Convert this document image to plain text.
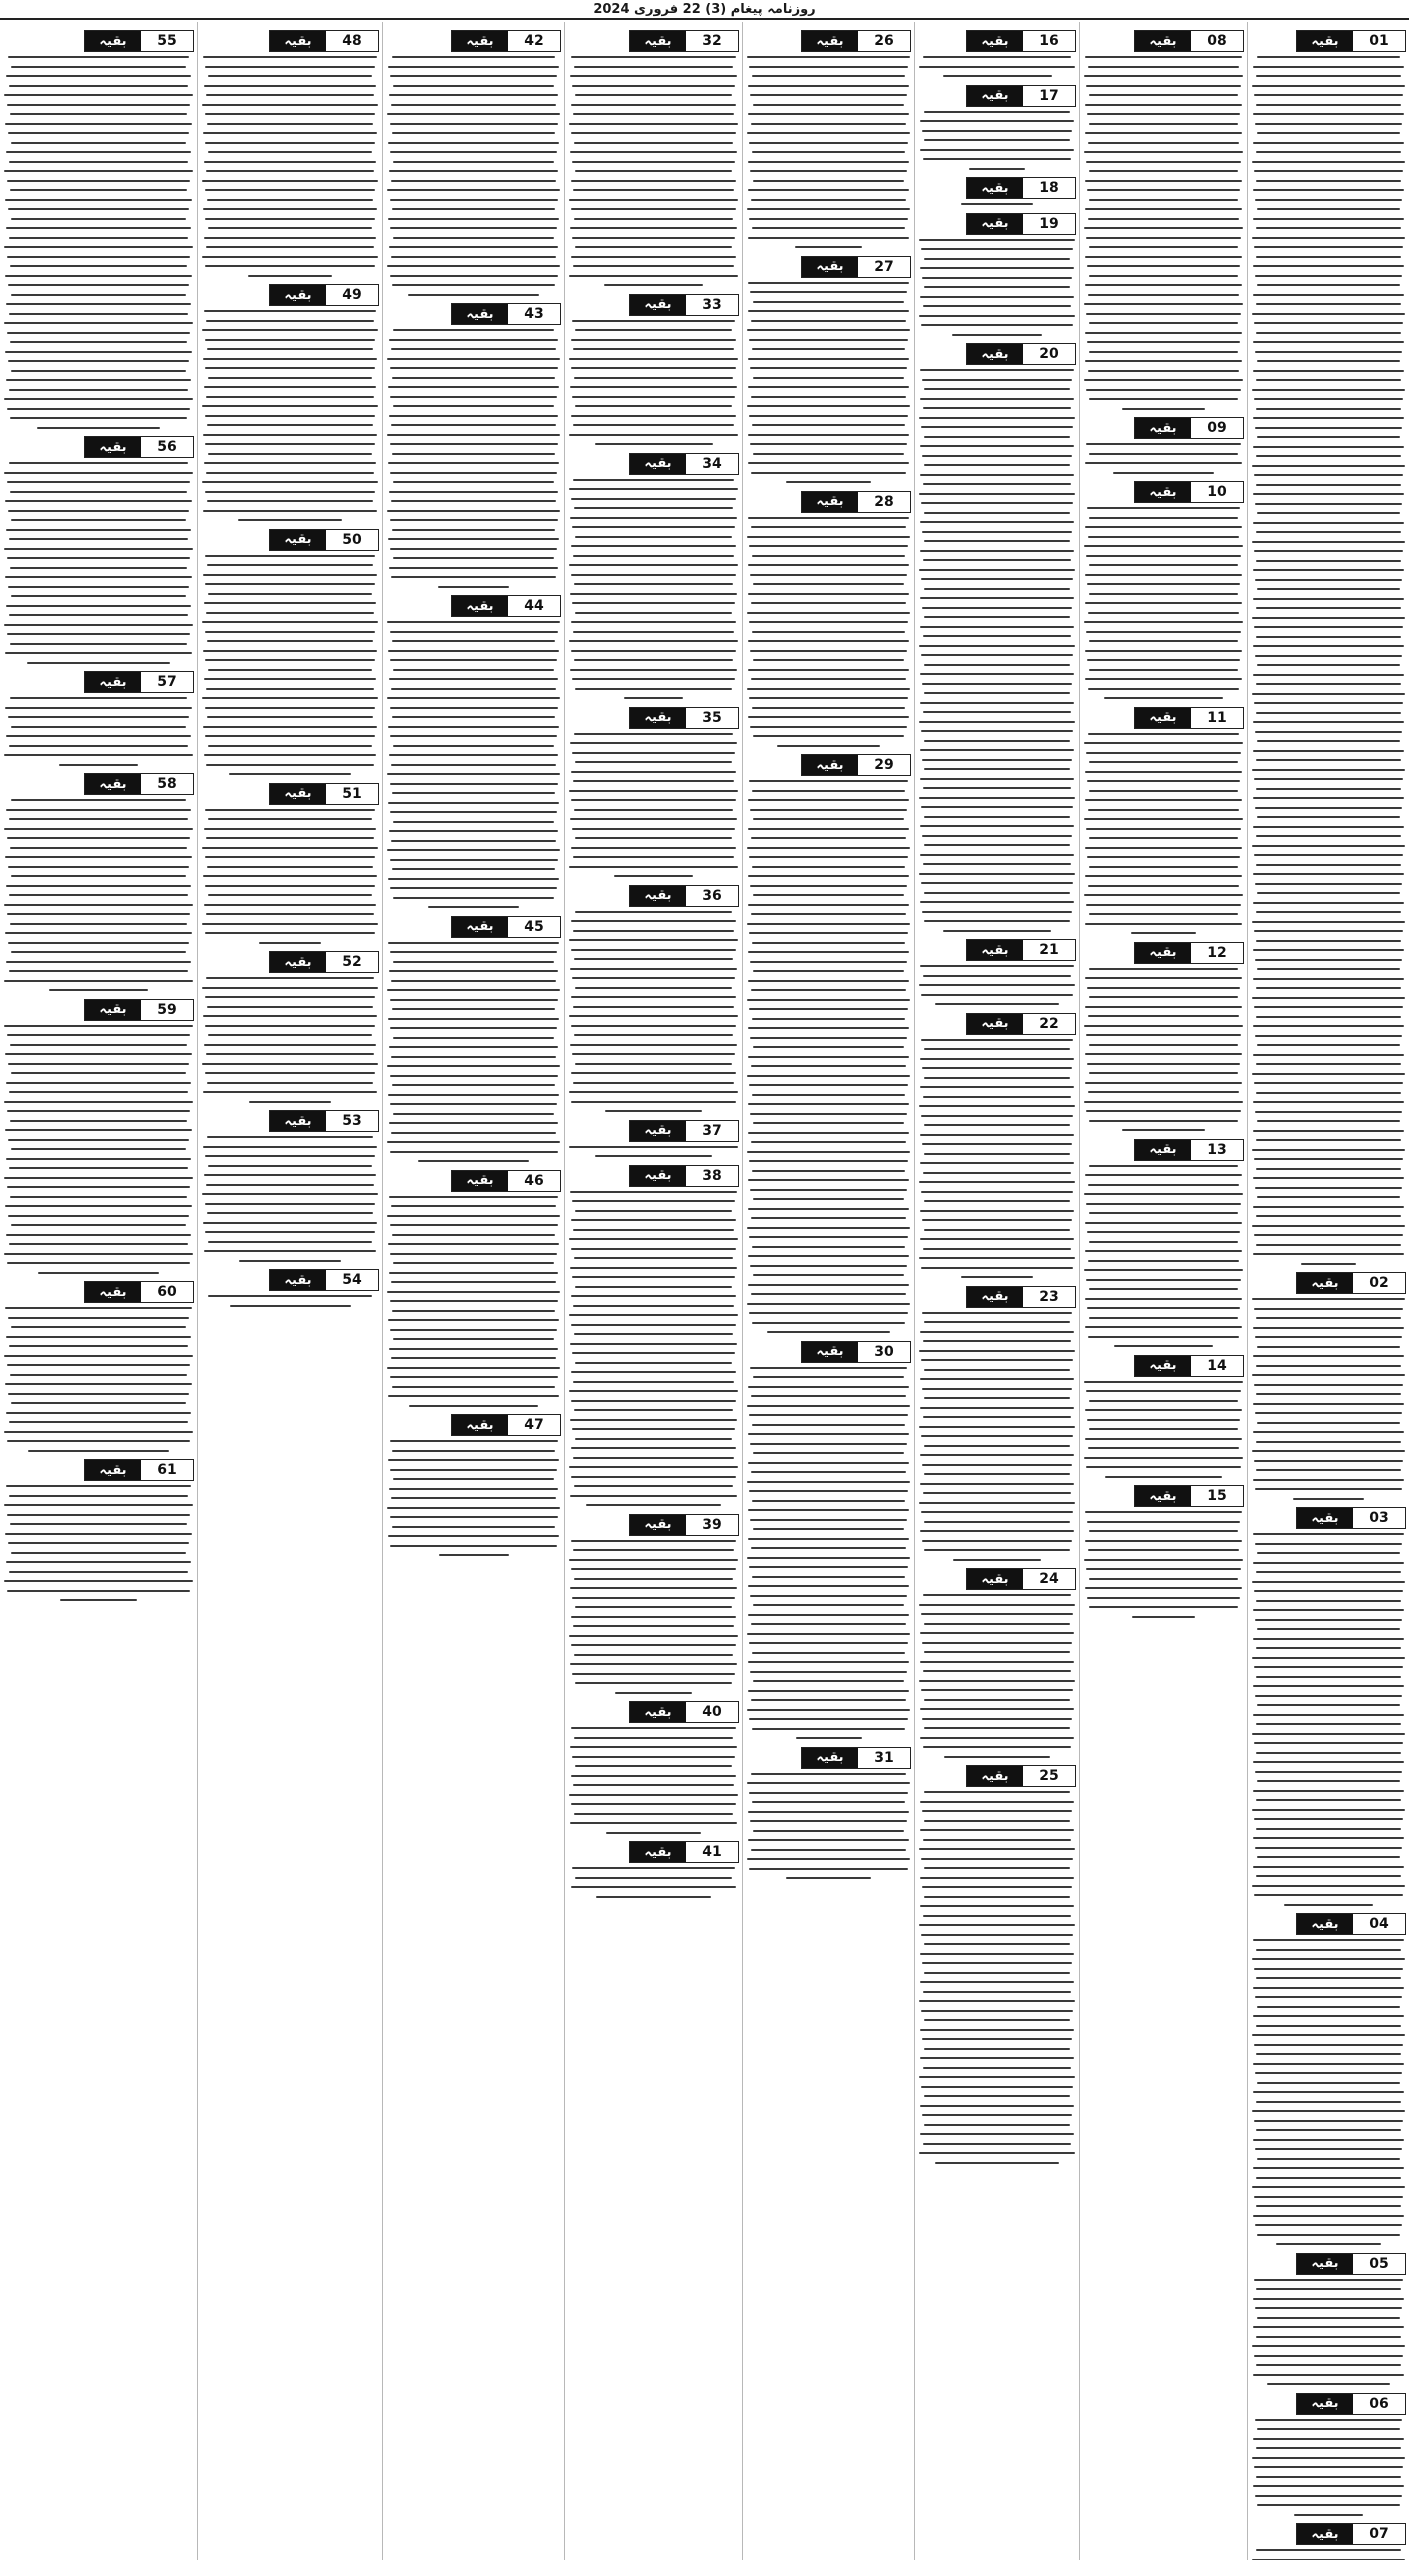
روزنامہ پیغام (3) 22 فروری 2024
بقیہ	01
بقیہ	02
بقیہ	03
بقیہ	04
بقیہ	05
بقیہ	06
بقیہ	07
بقیہ	08
بقیہ	09
بقیہ	10
بقیہ	11
بقیہ	12
بقیہ	13
بقیہ	14
بقیہ	15
بقیہ	16
بقیہ	17
بقیہ	18
بقیہ	19
بقیہ	20
بقیہ	21
بقیہ	22
بقیہ	23
بقیہ	24
بقیہ	25
بقیہ	26
بقیہ	27
بقیہ	28
بقیہ	29
بقیہ	30
بقیہ	31
بقیہ	32
بقیہ	33
بقیہ	34
بقیہ	35
بقیہ	36
بقیہ	37
بقیہ	38
بقیہ	39
بقیہ	40
بقیہ	41
بقیہ	42
بقیہ	43
بقیہ	44
بقیہ	45
بقیہ	46
بقیہ	47
بقیہ	48
بقیہ	49
بقیہ	50
بقیہ	51
بقیہ	52
بقیہ	53
بقیہ	54
بقیہ	55
بقیہ	56
بقیہ	57
بقیہ	58
بقیہ	59
بقیہ	60
بقیہ	61
